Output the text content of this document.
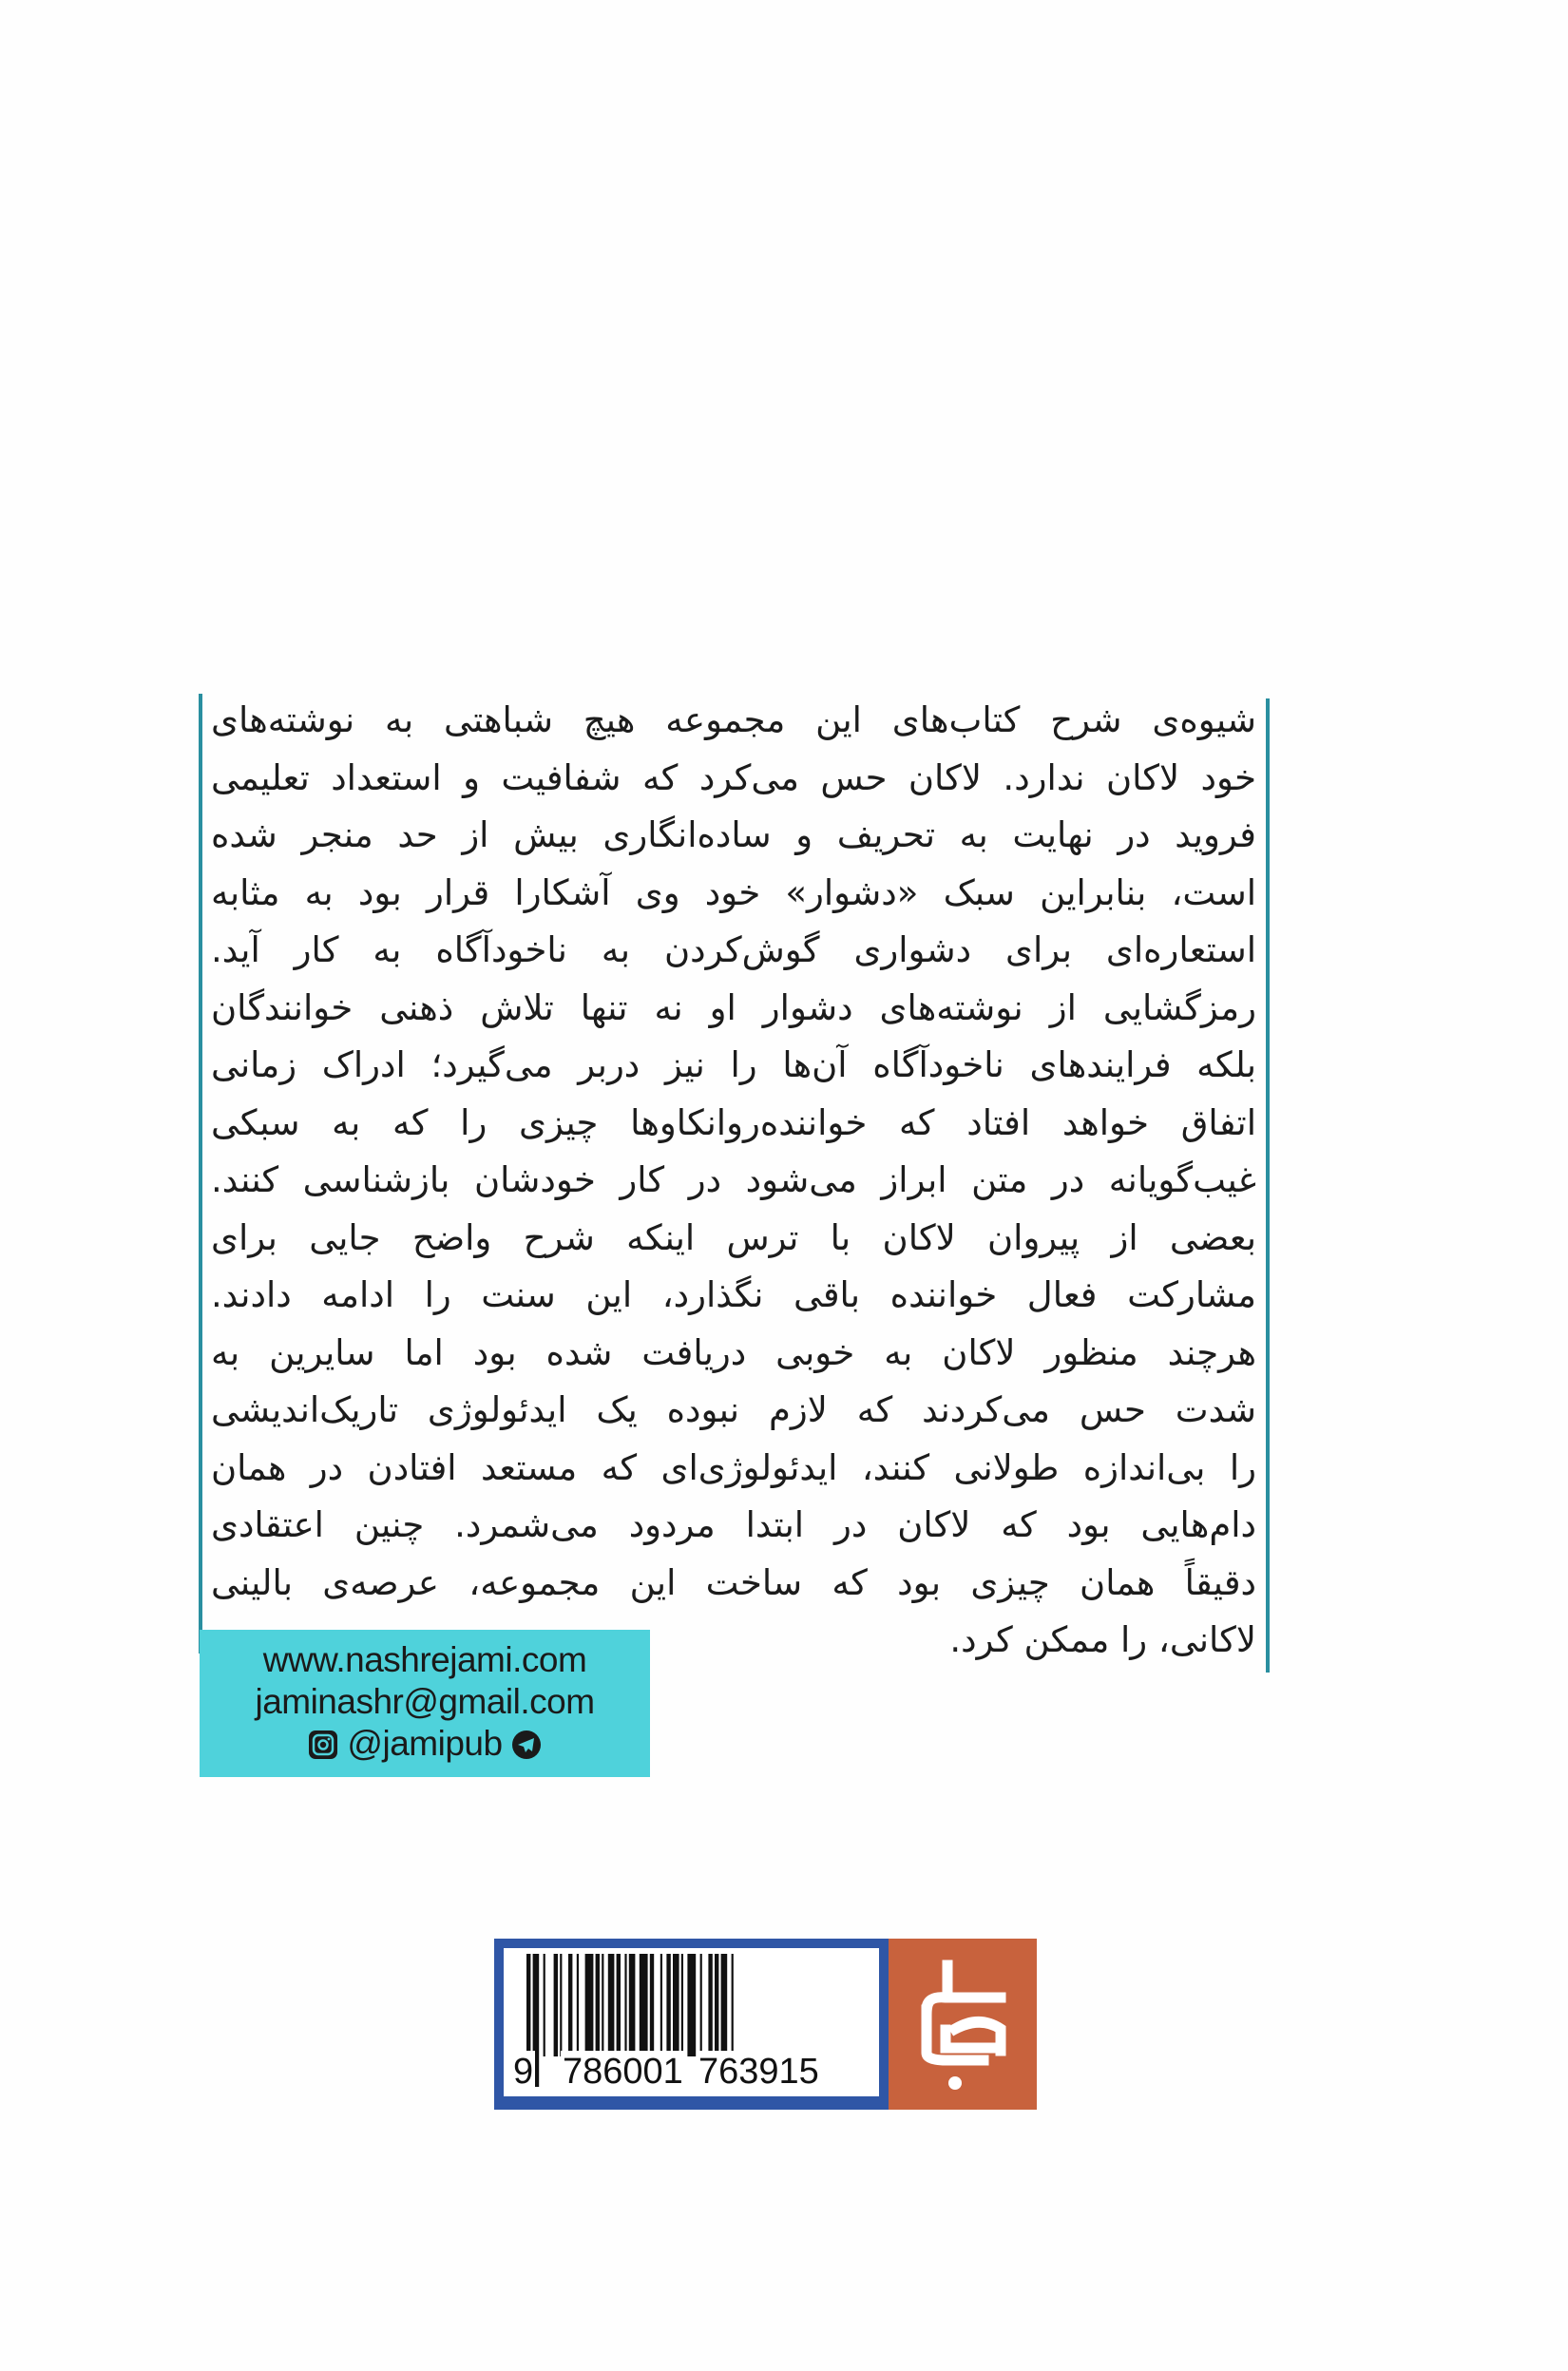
شیوه‌ی شرح کتاب‌های این مجموعه هیچ شباهتی به نوشته‌های
خود لاکان ندارد. لاکان حس می‌کرد که شفافیت و استعداد تعلیمی
فروید در نهایت به تحریف و ساده‌انگاری بیش از حد منجر شده
است، بنابراین سبک «دشوار» خود وی آشکارا قرار بود به مثابه
استعاره‌ای برای دشواری گوش‌کردن به ناخودآگاه به کار آید.
رمزگشایی از نوشته‌های دشوار او نه تنها تلاش ذهنی خوانندگان
بلکه فرایندهای ناخودآگاه آن‌ها را نیز دربر می‌گیرد؛ ادراک زمانی
اتفاق خواهد افتاد که خواننده‌روانکاوها چیزی را که به سبکی
غیب‌گویانه در متن ابراز می‌شود در کار خودشان بازشناسی کنند.
بعضی از پیروان لاکان با ترس اینکه شرح واضح جایی برای
مشارکت فعال خواننده باقی نگذارد، این سنت را ادامه دادند.
هرچند منظور لاکان به خوبی دریافت شده بود اما سایرین به
شدت حس می‌کردند که لازم نبوده یک ایدئولوژی تاریک‌اندیشی
را بی‌اندازه طولانی کنند، ایدئولوژی‌ای که مستعد افتادن در همان
دام‌هایی بود که لاکان در ابتدا مردود می‌شمرد. چنین اعتقادی
دقیقاً همان چیزی بود که ساخت این مجموعه، عرصه‌ی بالینی
لاکانی، را ممکن کرد.
www.nashrejami.com
jaminashr@gmail.com
@jamipub
9 786001 763915
